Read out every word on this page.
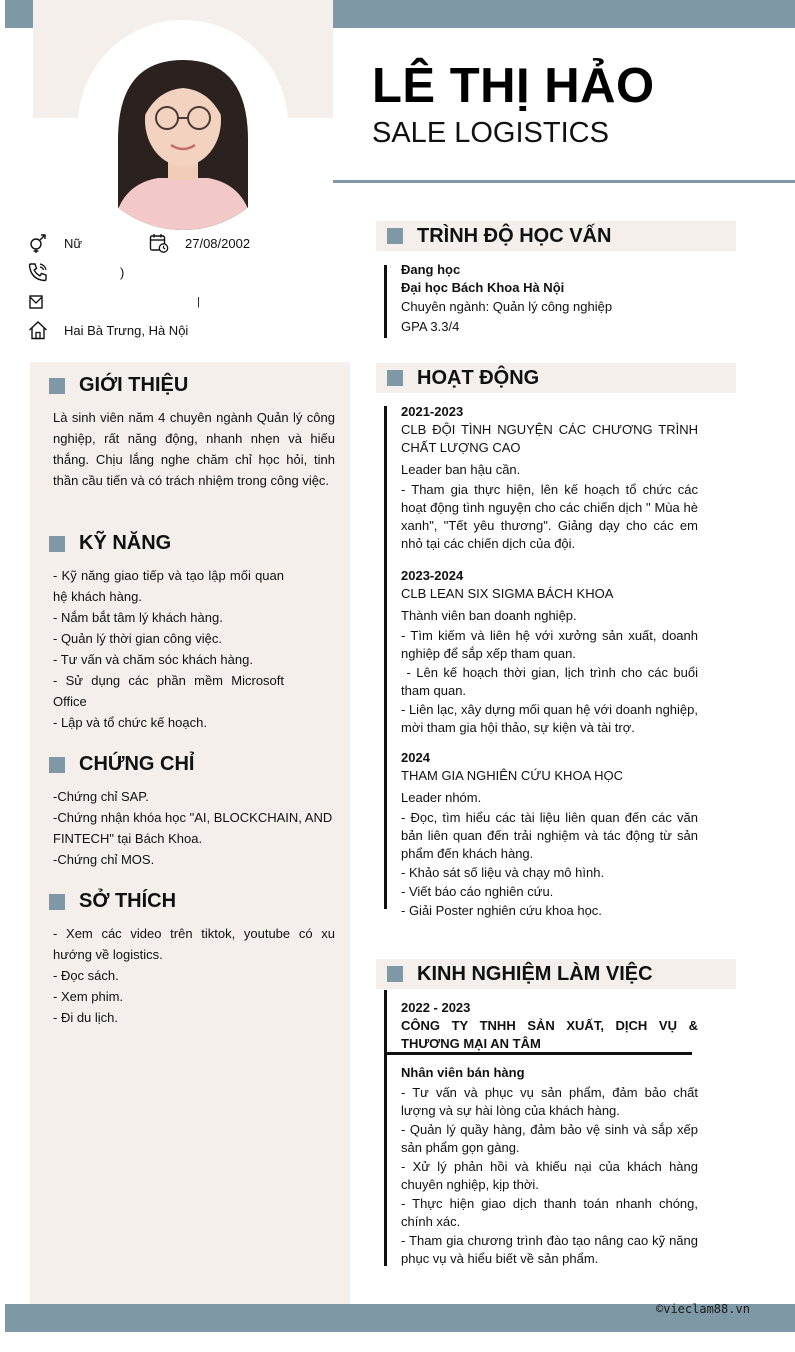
LÊ THỊ HẢO
SALE LOGISTICS
Nữ	27/08/2002
)
|
Hai Bà Trưng, Hà Nội
GIỚI THIỆU
Là sinh viên năm 4 chuyên ngành Quản lý công nghiệp, rất năng động, nhanh nhẹn và hiếu thắng. Chịu lắng nghe chăm chỉ học hỏi, tinh thần cầu tiến và có trách nhiệm trong công việc.
KỸ NĂNG
- Kỹ năng giao tiếp và tạo lập mối quan hệ khách hàng.
- Nắm bắt tâm lý khách hàng.
- Quản lý thời gian công việc.
- Tư vấn và chăm sóc khách hàng.
- Sử dụng các phần mềm Microsoft Office
- Lập và tổ chức kế hoạch.
CHỨNG CHỈ
-Chứng chỉ SAP.
-Chứng nhận khóa học "AI, BLOCKCHAIN, AND FINTECH" tại Bách Khoa.
-Chứng chỉ MOS.
SỞ THÍCH
- Xem các video trên tiktok, youtube có xu hướng về logistics.
- Đọc sách.
- Xem phim.
- Đi du lịch.
TRÌNH ĐỘ HỌC VẤN
Đang học
Đại học Bách Khoa Hà Nội
Chuyên ngành: Quản lý công nghiệp
GPA 3.3/4
HOẠT ĐỘNG
2021-2023
CLB ĐỘI TÌNH NGUYỆN CÁC CHƯƠNG TRÌNH CHẤT LƯỢNG CAO
Leader ban hậu cần.
- Tham gia thực hiện, lên kế hoạch tổ chức các hoạt động tình nguyện cho các chiến dịch " Mùa hè xanh", "Tết yêu thương". Giảng dạy cho các em nhỏ tại các chiến dịch của đội.
2023-2024
CLB LEAN SIX SIGMA BÁCH KHOA
Thành viên ban doanh nghiệp.
- Tìm kiếm và liên hệ với xưởng sản xuất, doanh nghiệp để sắp xếp tham quan.
- Lên kế hoạch thời gian, lịch trình cho các buổi tham quan.
- Liên lạc, xây dựng mối quan hệ với doanh nghiệp, mời tham gia hội thảo, sự kiện và tài trợ.
2024
THAM GIA NGHIÊN CỨU KHOA HỌC
Leader nhóm.
- Đọc, tìm hiểu các tài liệu liên quan đến các văn bản liên quan đến trải nghiệm và tác động từ sản phẩm đến khách hàng.
- Khảo sát số liệu và chạy mô hình.
- Viết báo cáo nghiên cứu.
- Giải Poster nghiên cứu khoa học.
KINH NGHIỆM LÀM VIỆC
2022 - 2023
CÔNG TY TNHH SẢN XUẤT, DỊCH VỤ & THƯƠNG MẠI AN TÂM
Nhân viên bán hàng
- Tư vấn và phục vụ sản phẩm, đảm bảo chất lượng và sự hài lòng của khách hàng.
- Quản lý quầy hàng, đảm bảo vệ sinh và sắp xếp sản phẩm gọn gàng.
- Xử lý phản hồi và khiếu nại của khách hàng chuyên nghiệp, kịp thời.
- Thực hiện giao dịch thanh toán nhanh chóng, chính xác.
- Tham gia chương trình đào tạo nâng cao kỹ năng phục vụ và hiểu biết về sản phẩm.
©vieclam88.vn
